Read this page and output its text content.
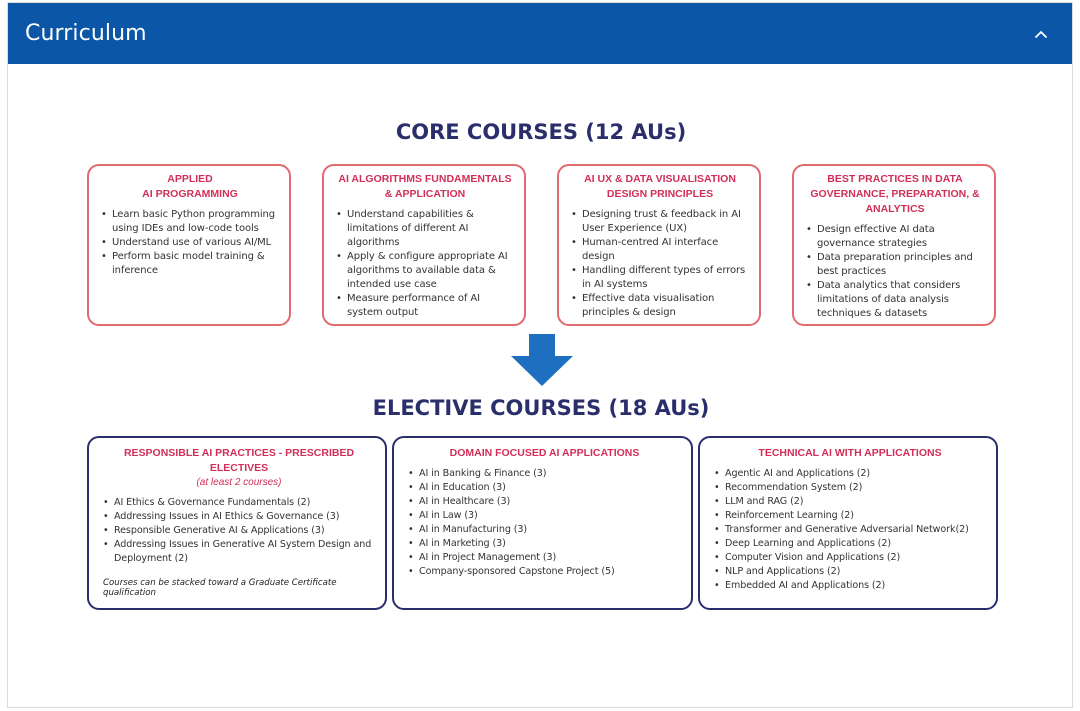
Curriculum
CORE COURSES (12 AUs)
APPLIED
AI PROGRAMMING
• Learn basic Python programming using IDEs and low-code tools
• Understand use of various AI/ML
• Perform basic model training & inference
AI ALGORITHMS FUNDAMENTALS
& APPLICATION
• Understand capabilities & limitations of different AI algorithms
• Apply & configure appropriate AI algorithms to available data & intended use case
• Measure performance of AI system output
AI UX & DATA VISUALISATION
DESIGN PRINCIPLES
• Designing trust & feedback in AI User Experience (UX)
• Human-centred AI interface design
• Handling different types of errors in AI systems
• Effective data visualisation principles & design
BEST PRACTICES IN DATA
GOVERNANCE, PREPARATION, &
ANALYTICS
• Design effective AI data governance strategies
• Data preparation principles and best practices
• Data analytics that considers limitations of data analysis techniques & datasets
ELECTIVE COURSES (18 AUs)
RESPONSIBLE AI PRACTICES - PRESCRIBED
ELECTIVES
(at least 2 courses)
• AI Ethics & Governance Fundamentals (2)
• Addressing Issues in AI Ethics & Governance (3)
• Responsible Generative AI & Applications (3)
• Addressing Issues in Generative AI System Design and Deployment (2)
Courses can be stacked toward a Graduate Certificate qualification
DOMAIN FOCUSED AI APPLICATIONS
• AI in Banking & Finance (3)
• AI in Education (3)
• AI in Healthcare (3)
• AI in Law (3)
• AI in Manufacturing (3)
• AI in Marketing (3)
• AI in Project Management (3)
• Company-sponsored Capstone Project (5)
TECHNICAL AI WITH APPLICATIONS
• Agentic AI and Applications (2)
• Recommendation System (2)
• LLM and RAG (2)
• Reinforcement Learning (2)
• Transformer and Generative Adversarial Network(2)
• Deep Learning and Applications (2)
• Computer Vision and Applications (2)
• NLP and Applications (2)
• Embedded AI and Applications (2)
